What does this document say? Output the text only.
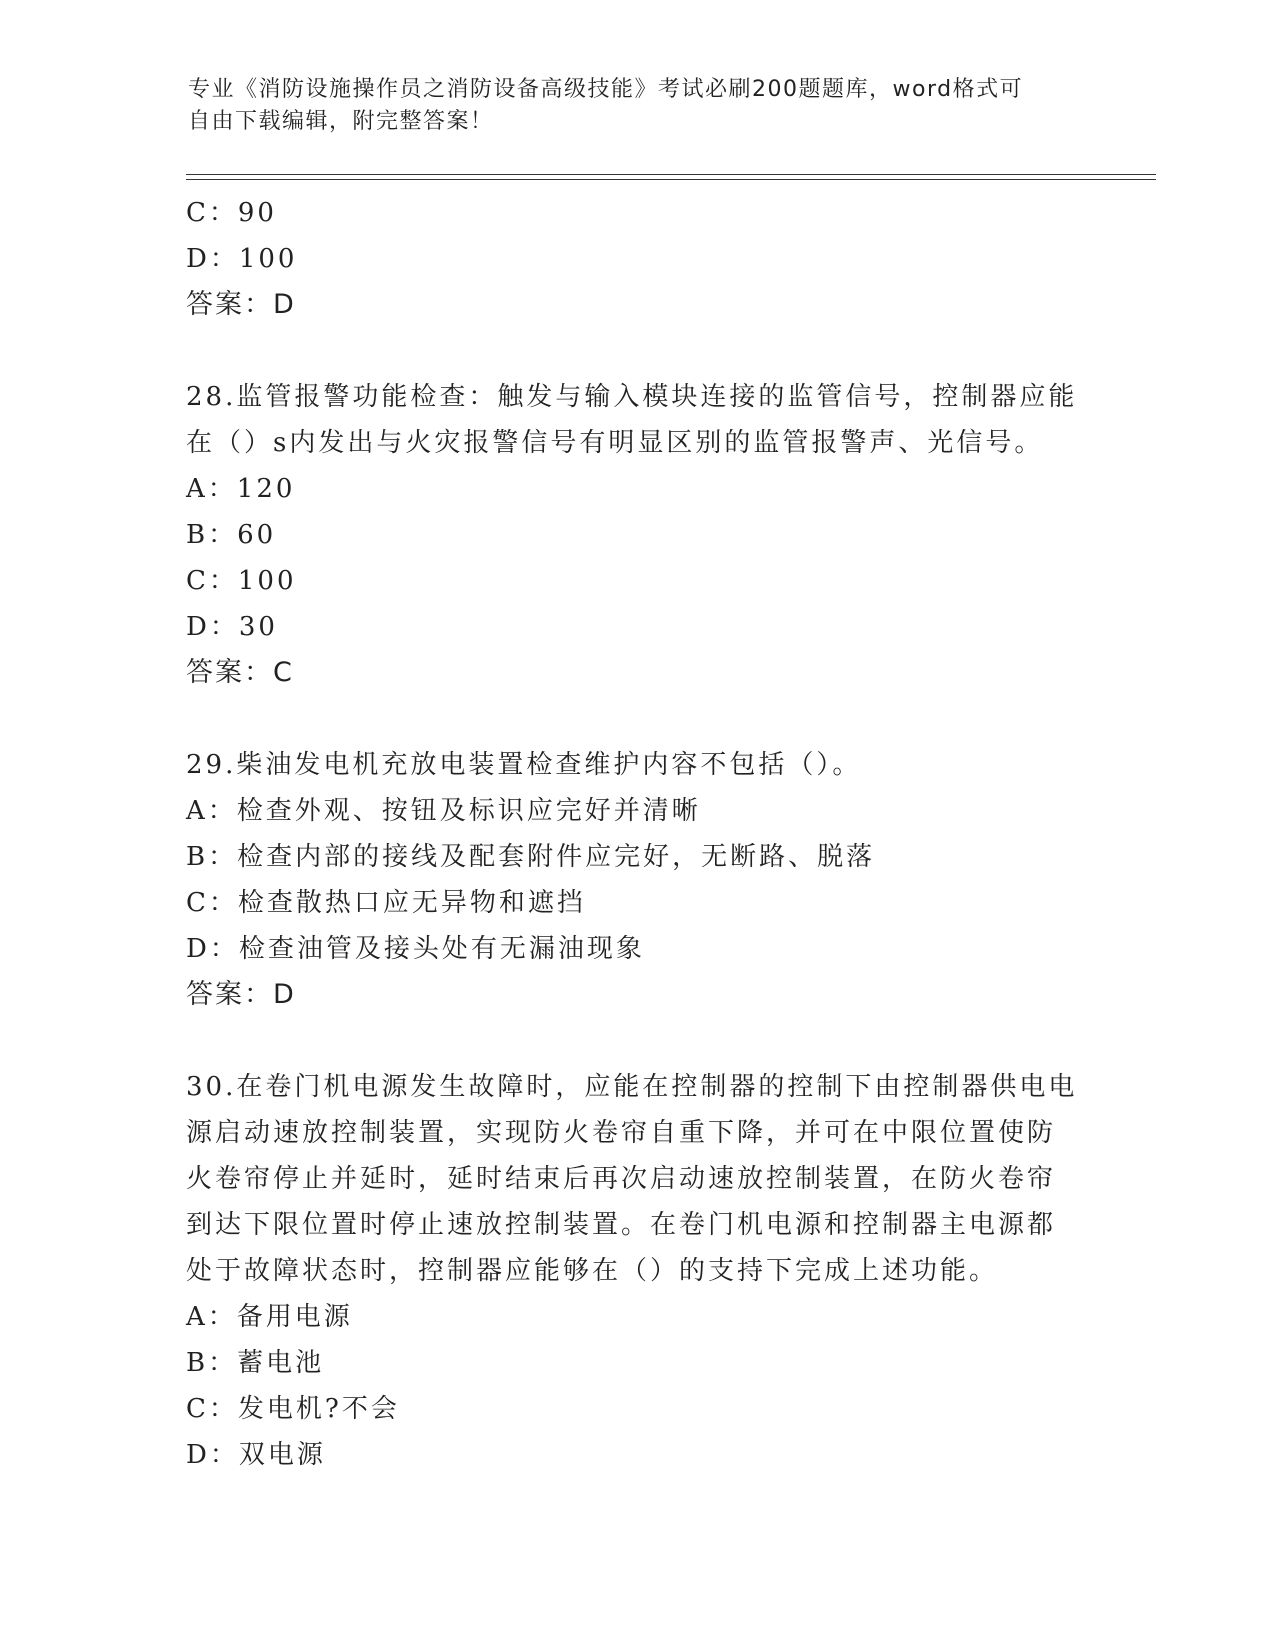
专业《消防设施操作员之消防设备高级技能》考试必刷200题题库，word格式可
自由下载编辑，附完整答案！
C：90
D：100
答案：D
28.监管报警功能检查：触发与输入模块连接的监管信号，控制器应能
在（）s内发出与火灾报警信号有明显区别的监管报警声、光信号。
A：120
B：60
C：100
D：30
答案：C
29.柴油发电机充放电装置检查维护内容不包括（）。
A：检查外观、按钮及标识应完好并清晰
B：检查内部的接线及配套附件应完好，无断路、脱落
C：检查散热口应无异物和遮挡
D：检查油管及接头处有无漏油现象
答案：D
30.在卷门机电源发生故障时，应能在控制器的控制下由控制器供电电
源启动速放控制装置，实现防火卷帘自重下降，并可在中限位置使防
火卷帘停止并延时，延时结束后再次启动速放控制装置，在防火卷帘
到达下限位置时停止速放控制装置。在卷门机电源和控制器主电源都
处于故障状态时，控制器应能够在（）的支持下完成上述功能。
A：备用电源
B：蓄电池
C：发电机?不会
D：双电源
